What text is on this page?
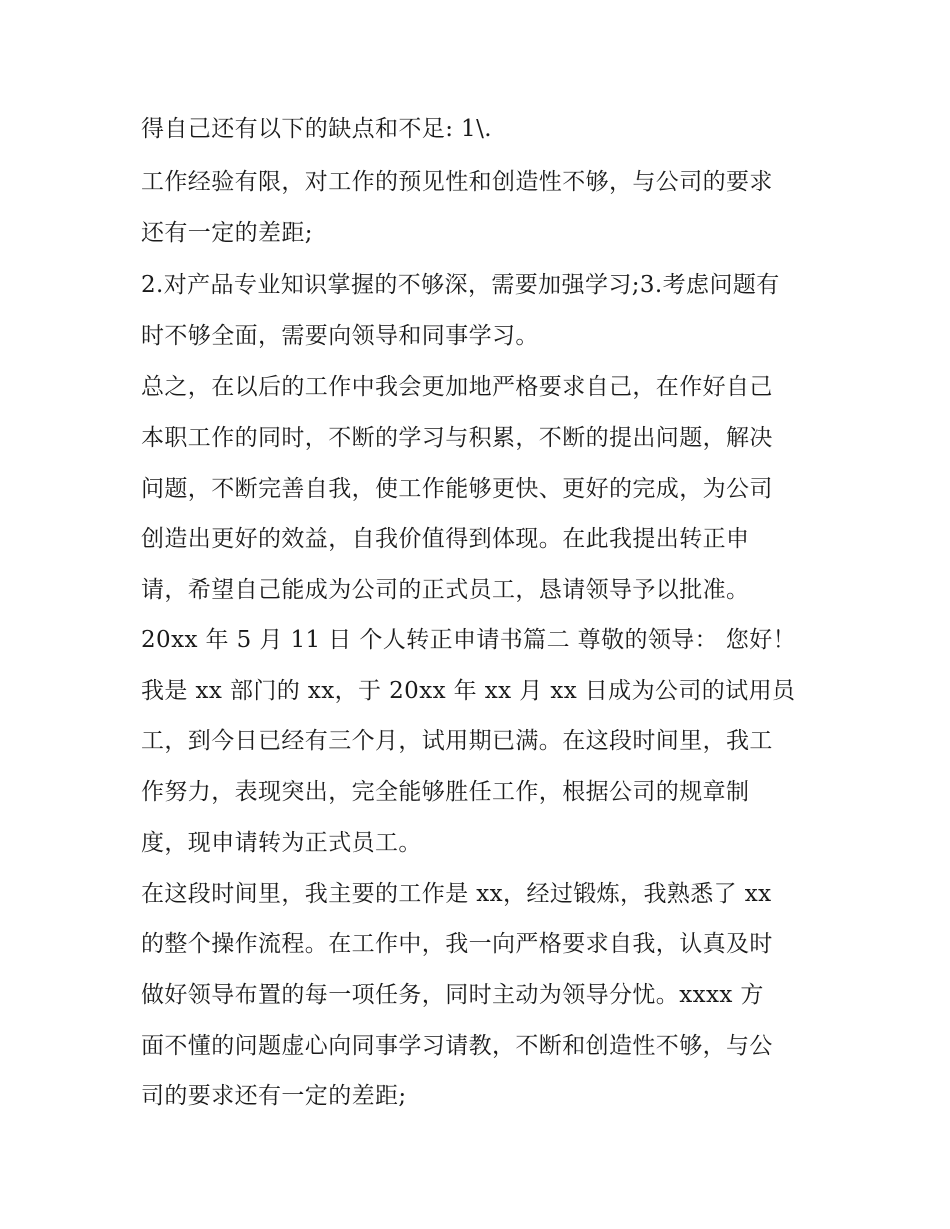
得自己还有以下的缺点和不足: 1\.
工作经验有限，对工作的预见性和创造性不够，与公司的要求
还有一定的差距;
2.对产品专业知识掌握的不够深，需要加强学习;3.考虑问题有
时不够全面，需要向领导和同事学习。
总之，在以后的工作中我会更加地严格要求自己，在作好自己
本职工作的同时，不断的学习与积累，不断的提出问题，解决
问题，不断完善自我，使工作能够更快、更好的完成，为公司
创造出更好的效益，自我价值得到体现。在此我提出转正申
请，希望自己能成为公司的正式员工，恳请领导予以批准。
20xx 年 5 月 11 日 个人转正申请书篇二 尊敬的领导： 您好！
我是 xx 部门的 xx，于 20xx 年 xx 月 xx 日成为公司的试用员
工，到今日已经有三个月，试用期已满。在这段时间里，我工
作努力，表现突出，完全能够胜任工作，根据公司的规章制
度，现申请转为正式员工。
在这段时间里，我主要的工作是 xx，经过锻炼，我熟悉了 xx
的整个操作流程。在工作中，我一向严格要求自我，认真及时
做好领导布置的每一项任务，同时主动为领导分忧。xxxx 方
面不懂的问题虚心向同事学习请教，不断和创造性不够，与公
司的要求还有一定的差距;
